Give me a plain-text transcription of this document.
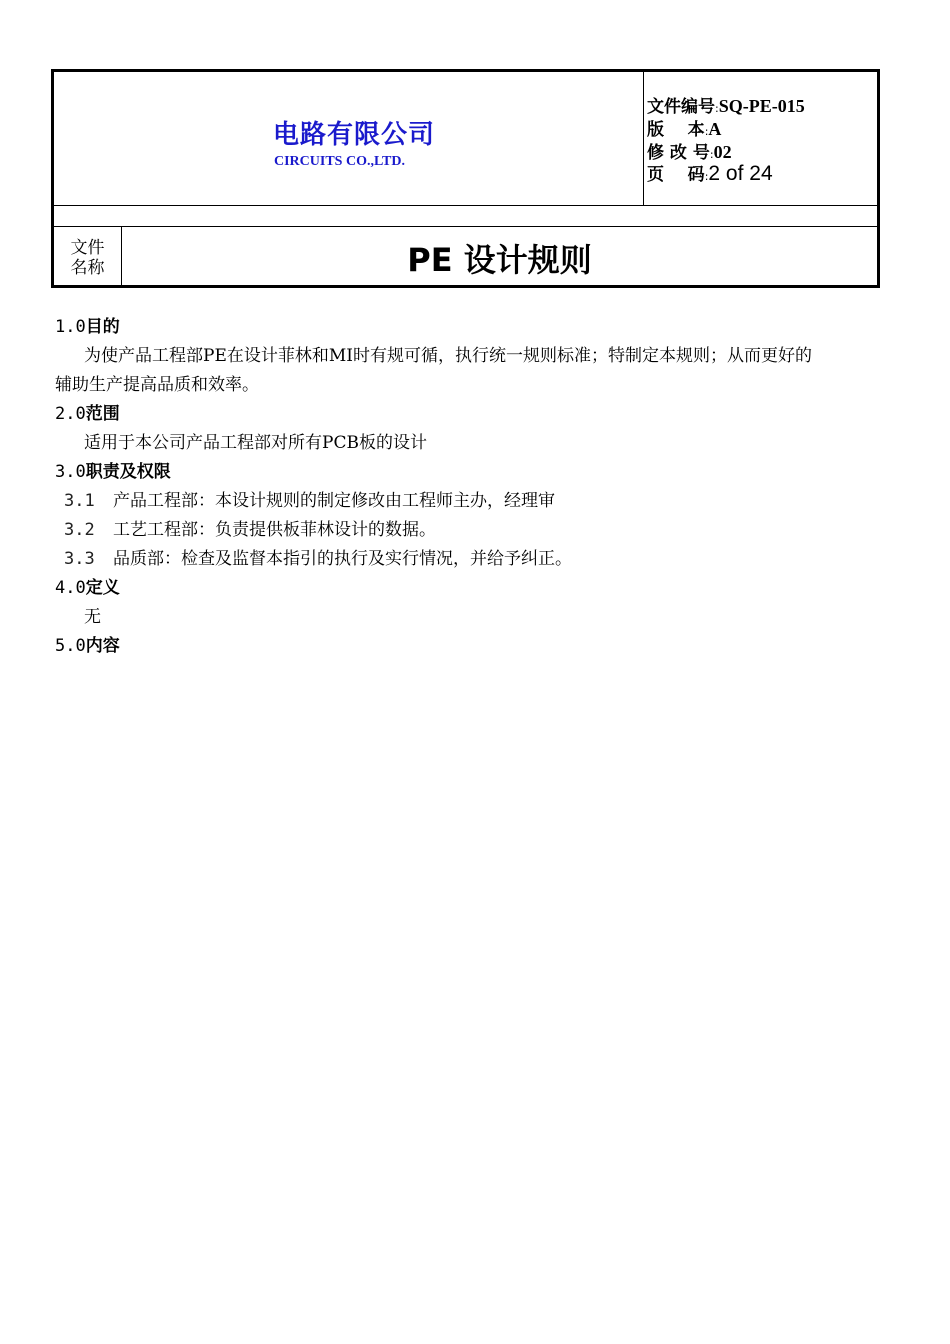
电路有限公司
CIRCUITS CO.,LTD.
文件编号:SQ-PE-015
版    本:A
修 改 号:02
页    码:2 of 24
文件名称	PE 设计规则
1.0目的
为使产品工程部PE在设计菲林和MI时有规可循，执行统一规则标准；特制定本规则；从而更好的
辅助生产提高品质和效率。
2.0范围
适用于本公司产品工程部对所有PCB板的设计
3.0职责及权限
3.1 产品工程部：本设计规则的制定修改由工程师主办，经理审
3.2 工艺工程部：负责提供板菲林设计的数据。
3.3 品质部：检查及监督本指引的执行及实行情况，并给予纠正。
4.0定义
无
5.0内容
